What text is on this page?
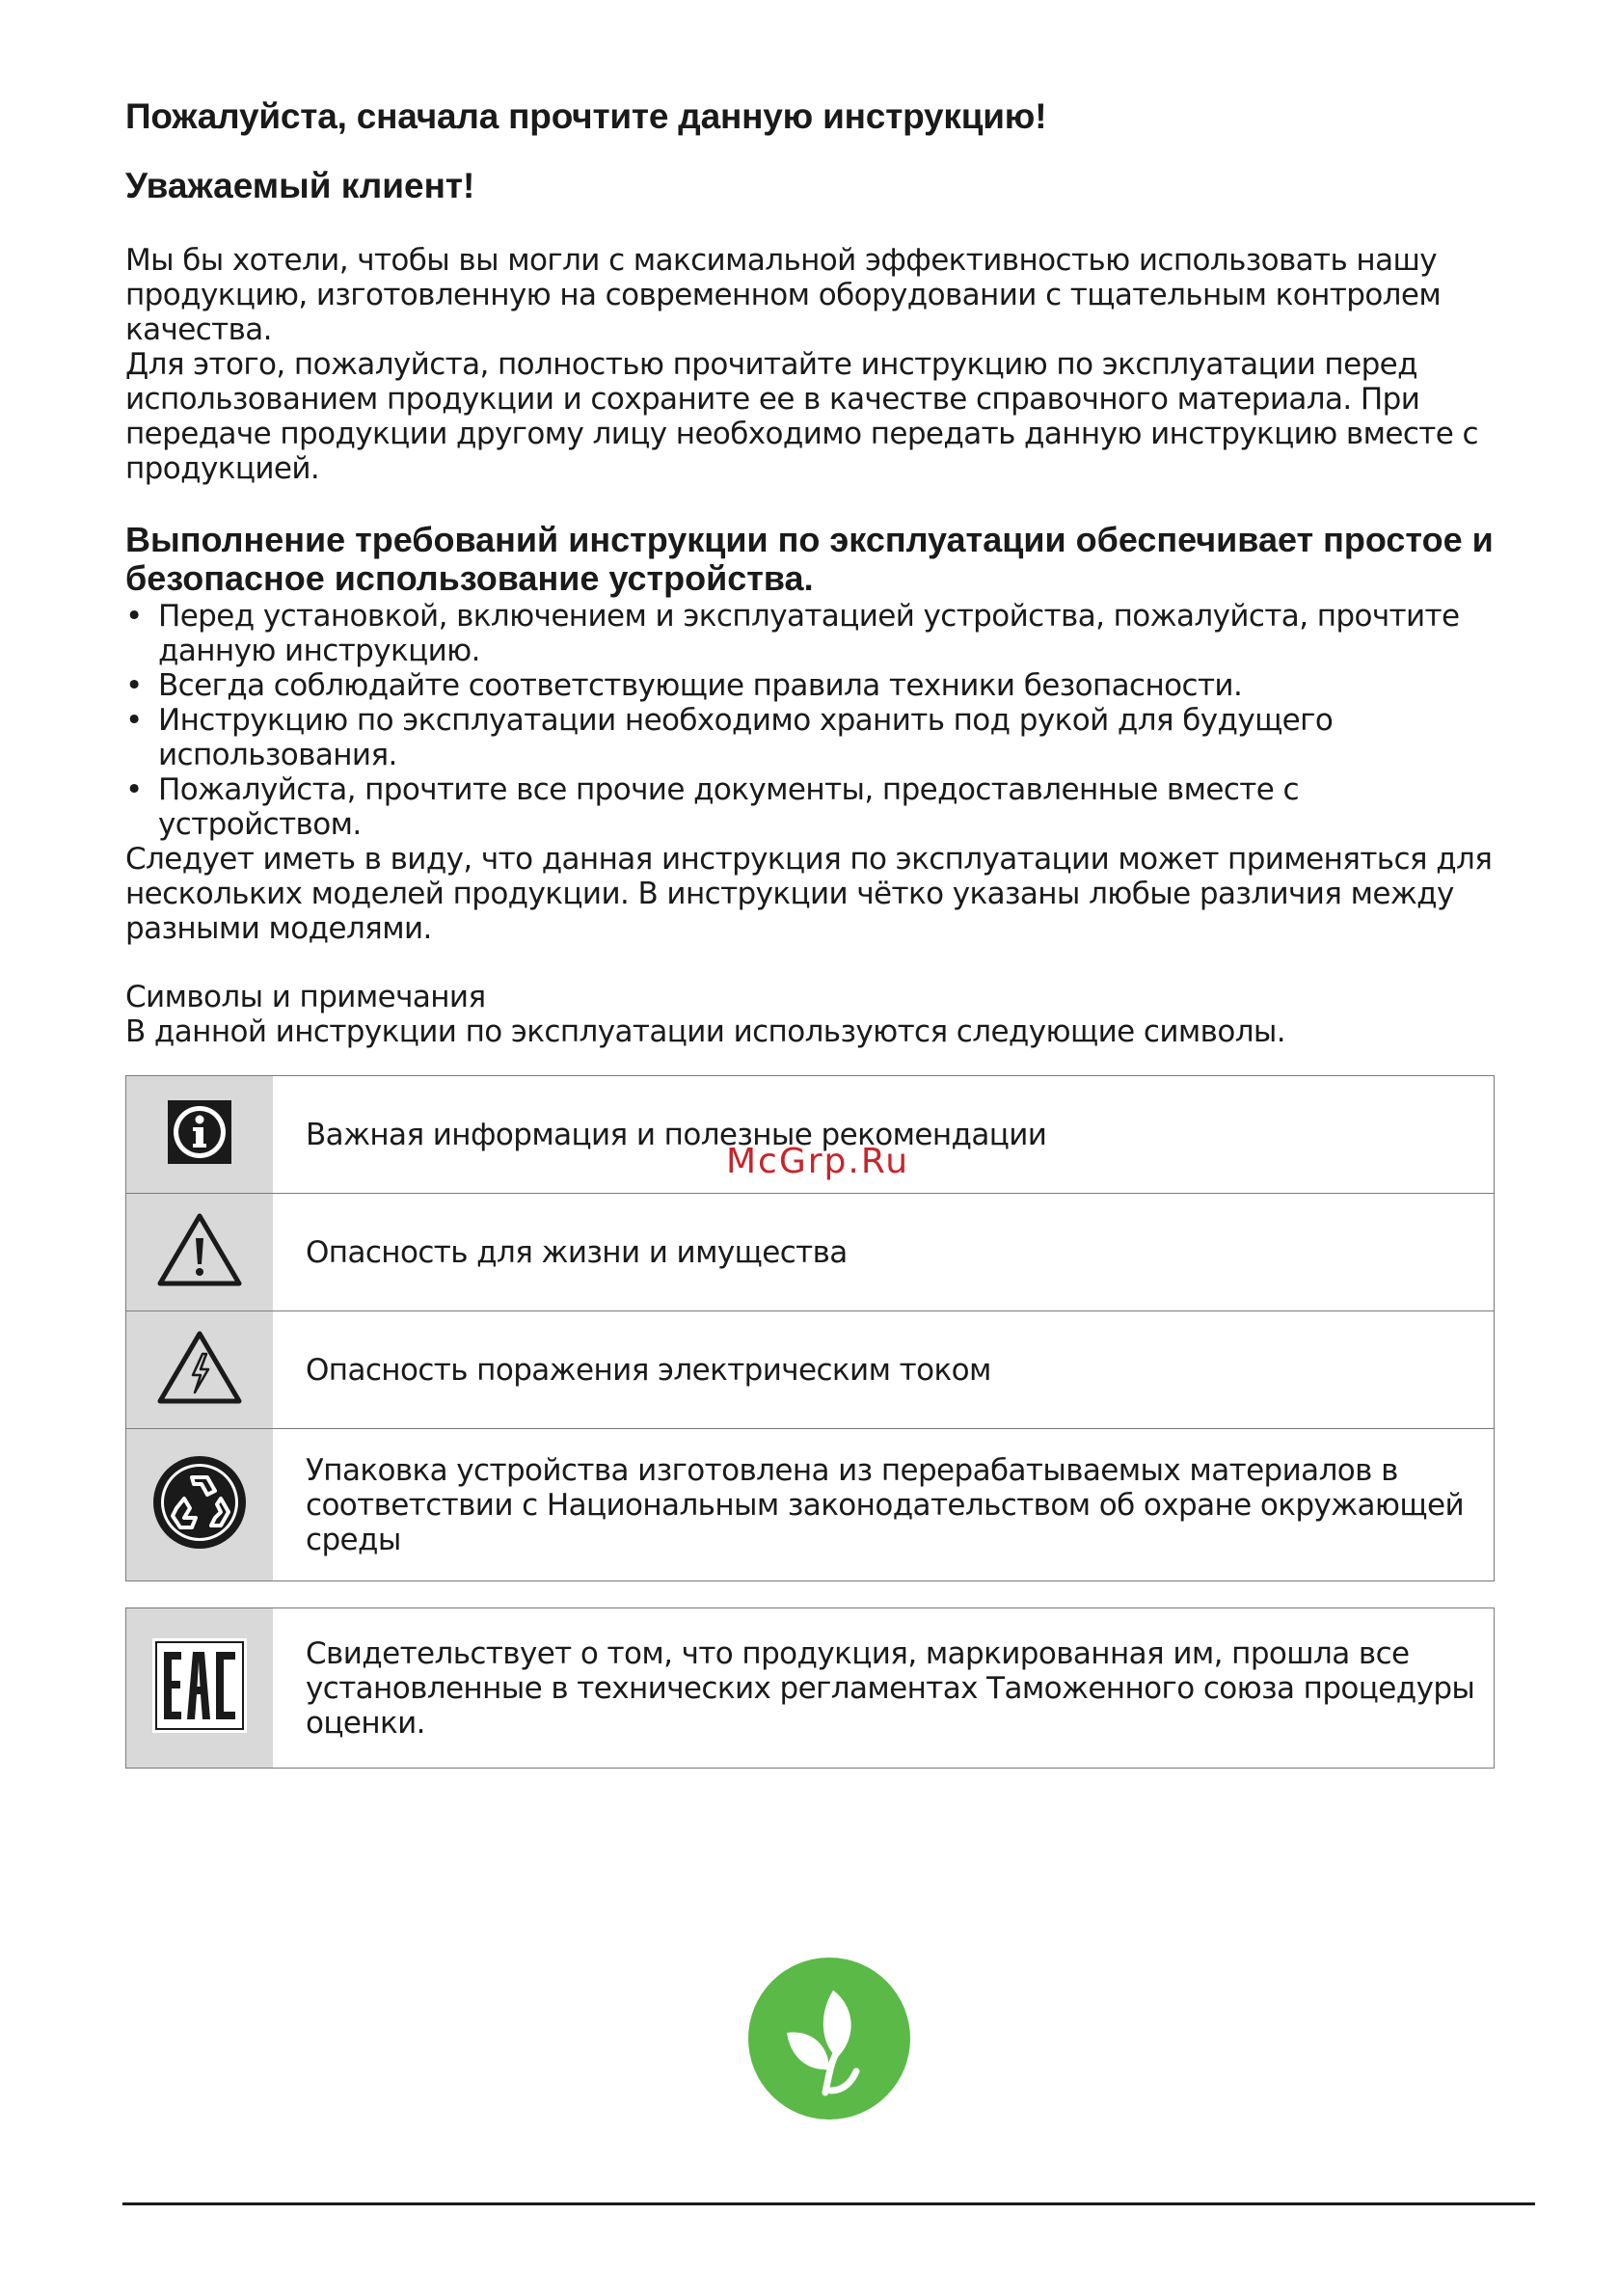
Пожалуйста, сначала прочтите данную инструкцию!
Уважаемый клиент!

Мы бы хотели, чтобы вы могли с максимальной эффективностью использовать нашу продукцию, изготовленную на современном оборудовании с тщательным контролем качества.

Для этого, пожалуйста, полностью прочитайте инструкцию по эксплуатации перед использованием продукции и сохраните ее в качестве справочного материала. При передаче продукции другому лицу необходимо передать данную инструкцию вместе с продукцией.

Выполнение требований инструкции по эксплуатации обеспечивает простое и безопасное использование устройства.
• Перед установкой, включением и эксплуатацией устройства, пожалуйста, прочтите данную инструкцию.
• Всегда соблюдайте соответствующие правила техники безопасности.
• Инструкцию по эксплуатации необходимо хранить под рукой для будущего использования.
• Пожалуйста, прочтите все прочие документы, предоставленные вместе с устройством.

Следует иметь в виду, что данная инструкция по эксплуатации может применяться для нескольких моделей продукции. В инструкции чётко указаны любые различия между разными моделями.

Символы и примечания

В данной инструкции по эксплуатации используются следующие символы.

	Важная информация и полезные рекомендации
	Опасность для жизни и имущества
	Опасность поражения электрическим током
	Упаковка устройства изготовлена из перерабатываемых материалов в соответствии с Национальным законодательством об охране окружающей среды
	Свидетельствует о том, что продукция, маркированная им, прошла все установленные в технических регламентах Таможенного союза процедуры оценки.
McGrp.Ru
